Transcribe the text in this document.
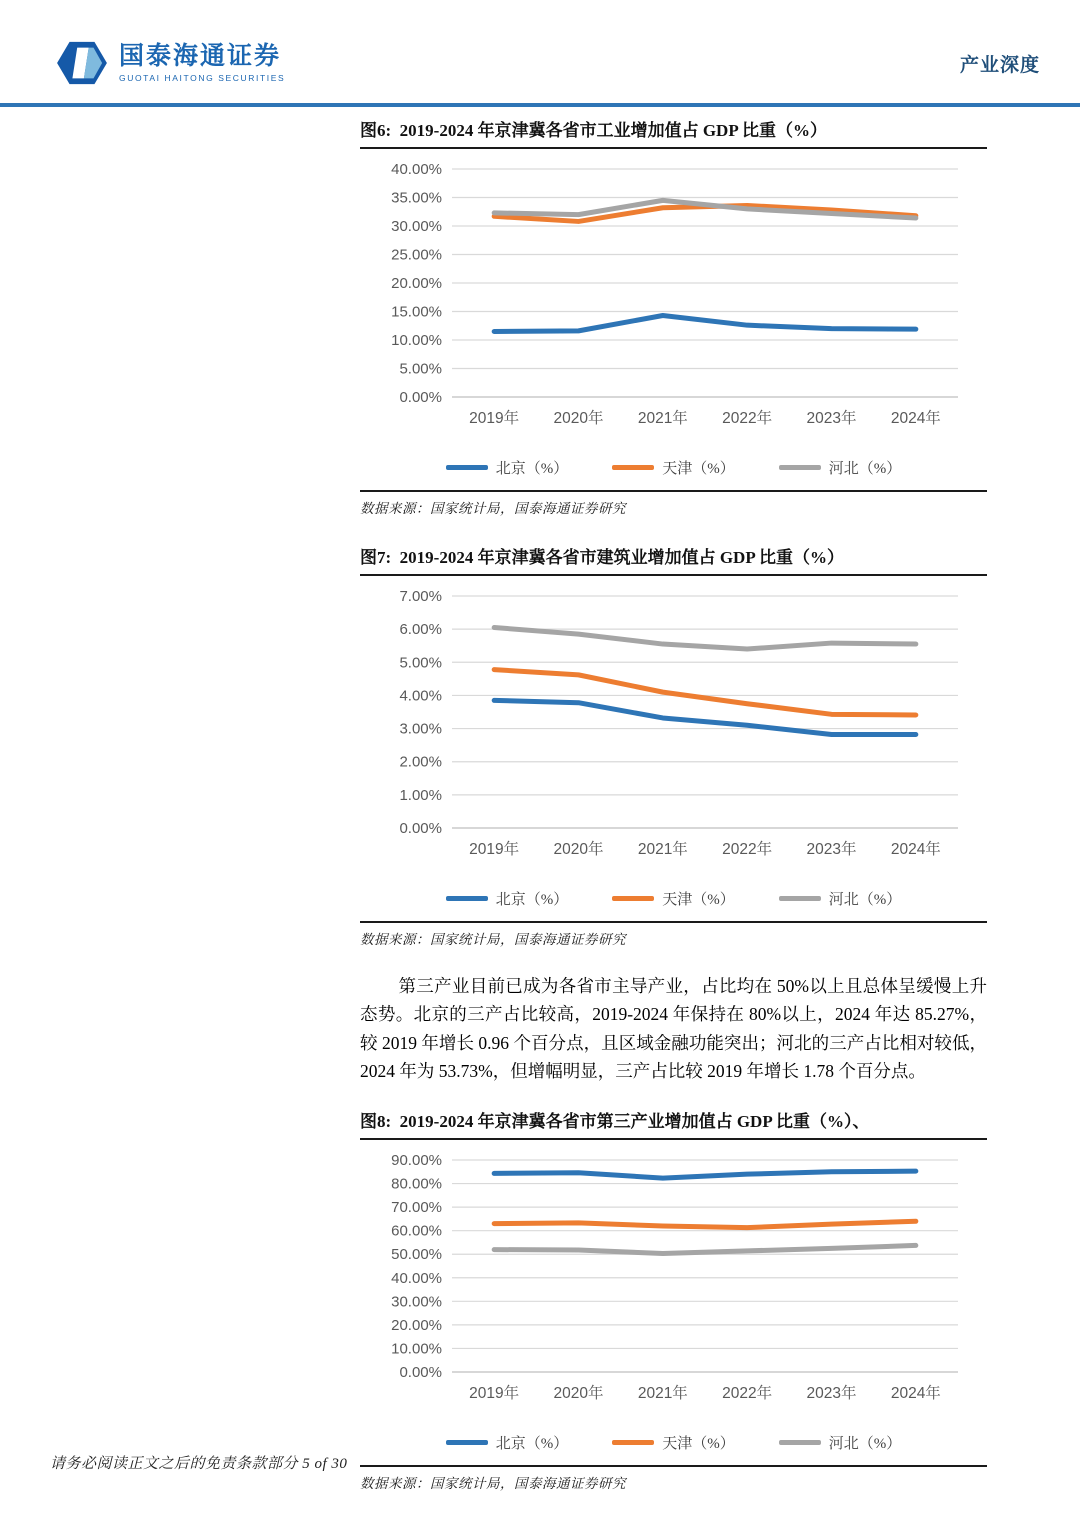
国泰海通证券
GUOTAI HAITONG SECURITIES
产业深度
图6:  2019-2024 年京津冀各省市工业增加值占 GDP 比重（%）
40.00%
35.00%
30.00%
25.00%
20.00%
15.00%
10.00%
5.00%
0.00%
2019年 2020年 2021年 2022年 2023年 2024年
北京（%）	天津（%）	河北（%）
数据来源：国家统计局，国泰海通证券研究
图7:  2019-2024 年京津冀各省市建筑业增加值占 GDP 比重（%）
7.00%
6.00%
5.00%
4.00%
3.00%
2.00%
1.00%
0.00%
2019年 2020年 2021年 2022年 2023年 2024年
北京（%）	天津（%）	河北（%）
数据来源：国家统计局，国泰海通证券研究

第三产业目前已成为各省市主导产业，占比均在 50%以上且总体呈缓慢上升态势。北京的三产占比较高，2019-2024 年保持在 80%以上，2024 年达 85.27%，较 2019 年增长 0.96 个百分点，且区域金融功能突出；河北的三产占比相对较低，2024 年为 53.73%，但增幅明显，三产占比较 2019 年增长 1.78 个百分点。

图8:  2019-2024 年京津冀各省市第三产业增加值占 GDP 比重（%）、
90.00%
80.00%
70.00%
60.00%
50.00%
40.00%
30.00%
20.00%
10.00%
0.00%
2019年 2020年 2021年 2022年 2023年 2024年
北京（%）	天津（%）	河北（%）
数据来源：国家统计局，国泰海通证券研究
请务必阅读正文之后的免责条款部分 5 of 30
